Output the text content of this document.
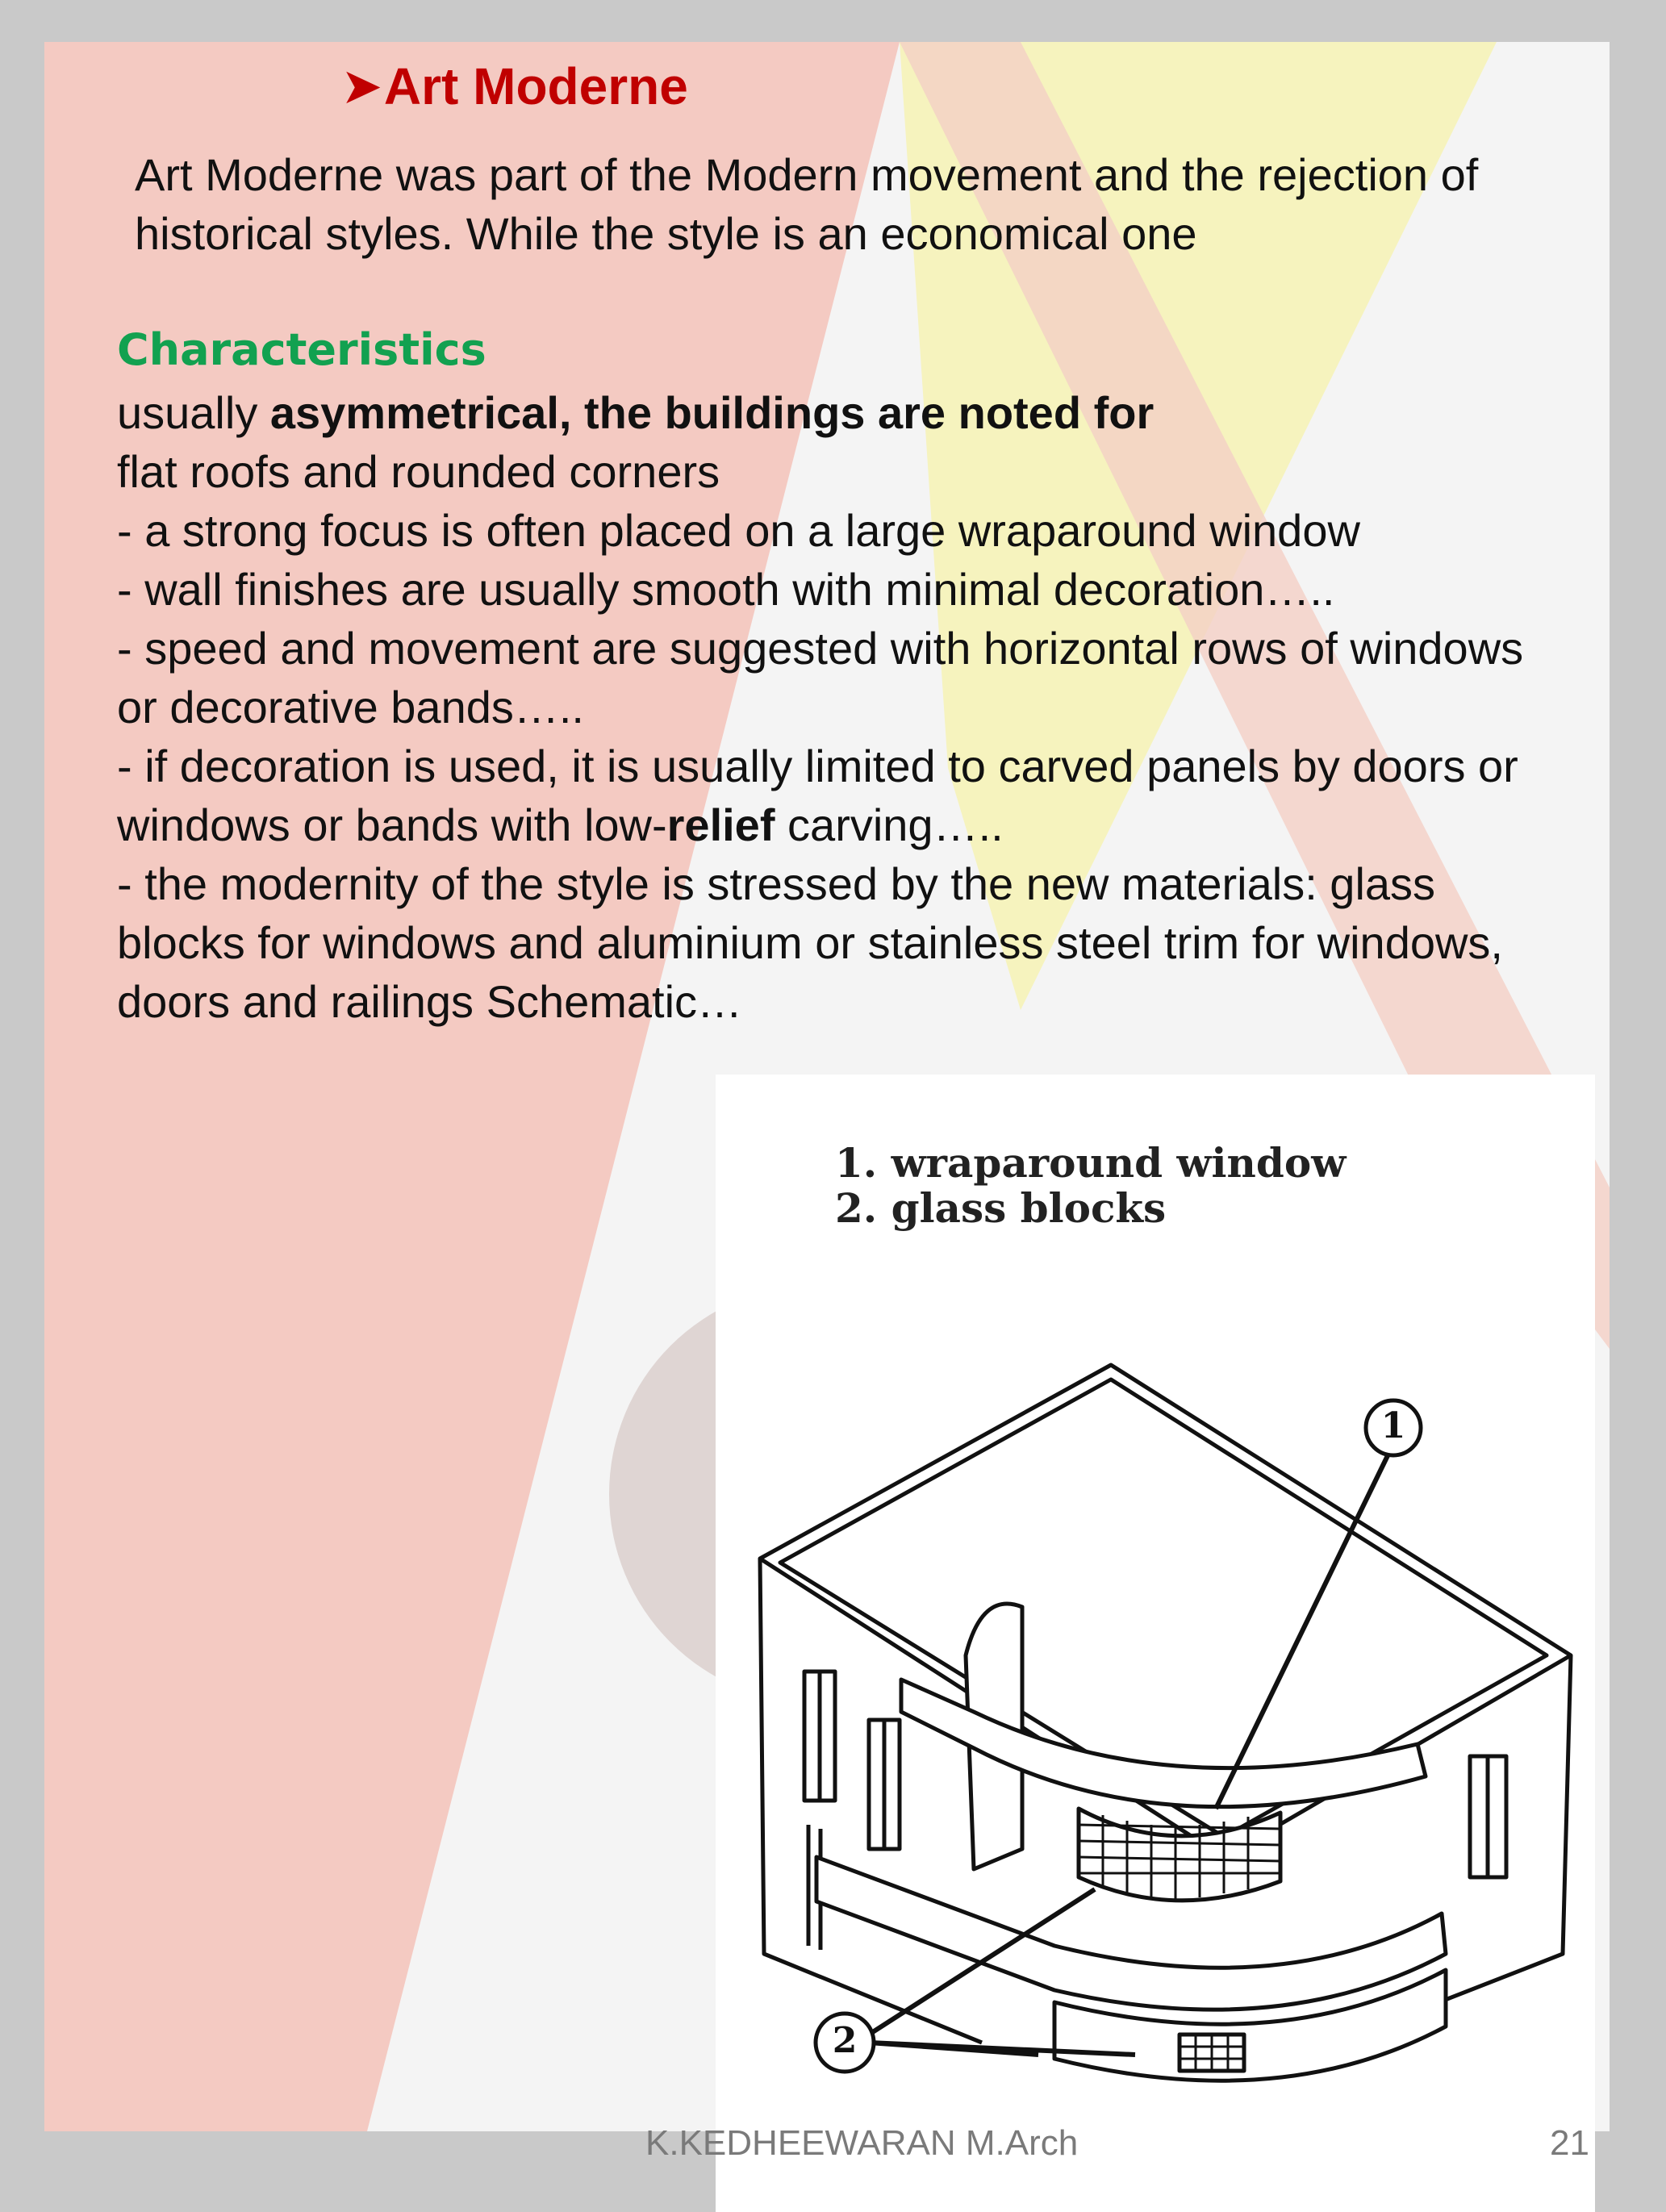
➤ Art Moderne
Art Moderne was part of the Modern movement and the rejection of
historical styles. While the style is an economical one
Characteristics
usually asymmetrical, the buildings are noted for
flat roofs and rounded corners
- a strong focus is often placed on a large wraparound window
- wall finishes are usually smooth with minimal decoration…..
- speed and movement are suggested with horizontal rows of windows
or decorative bands…..
- if decoration is used, it is usually limited to carved panels by doors or
windows or bands with low-relief carving…..
- the modernity of the style is stressed by the new materials: glass
blocks for windows and aluminium or stainless steel trim for windows,
doors and railings Schematic…
1. wraparound window
2. glass blocks
1
2
K.KEDHEEWARAN M.Arch	21
